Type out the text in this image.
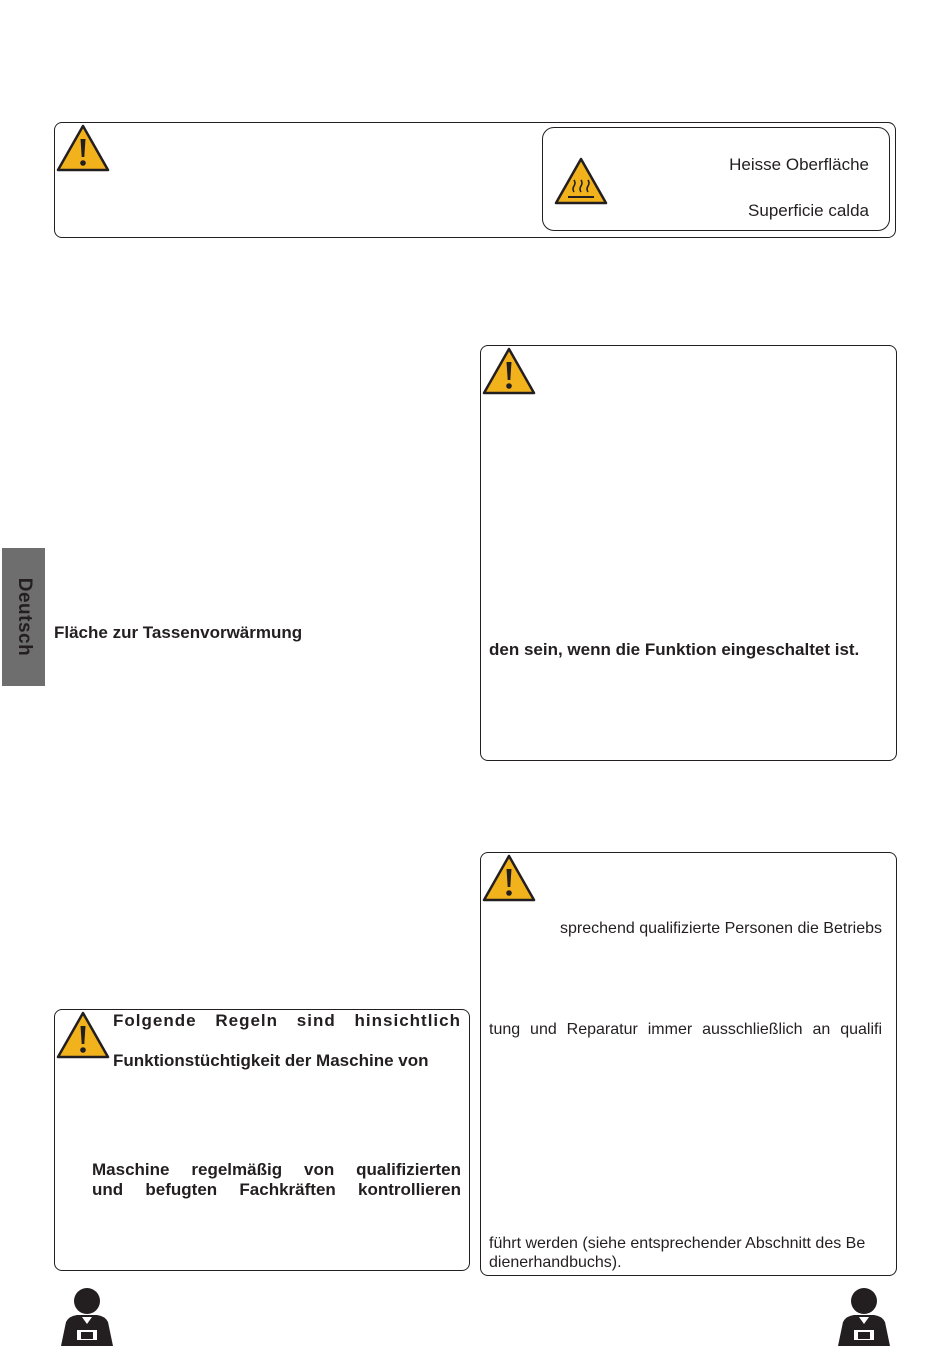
Deutsch
Heisse Oberfläche
Superficie calda
Fläche zur Tassenvorwärmung
den sein, wenn die Funktion eingeschaltet ist.
sprechend qualifizierte Personen die Betriebs
tung und Reparatur immer ausschließlich an qualifi
führt werden (siehe entsprechender Abschnitt des Be
dienerhandbuchs).
Folgende Regeln sind hinsichtlich
Funktionstüchtigkeit der Maschine von
Maschine regelmäßig von qualifizierten
und befugten Fachkräften kontrollieren
